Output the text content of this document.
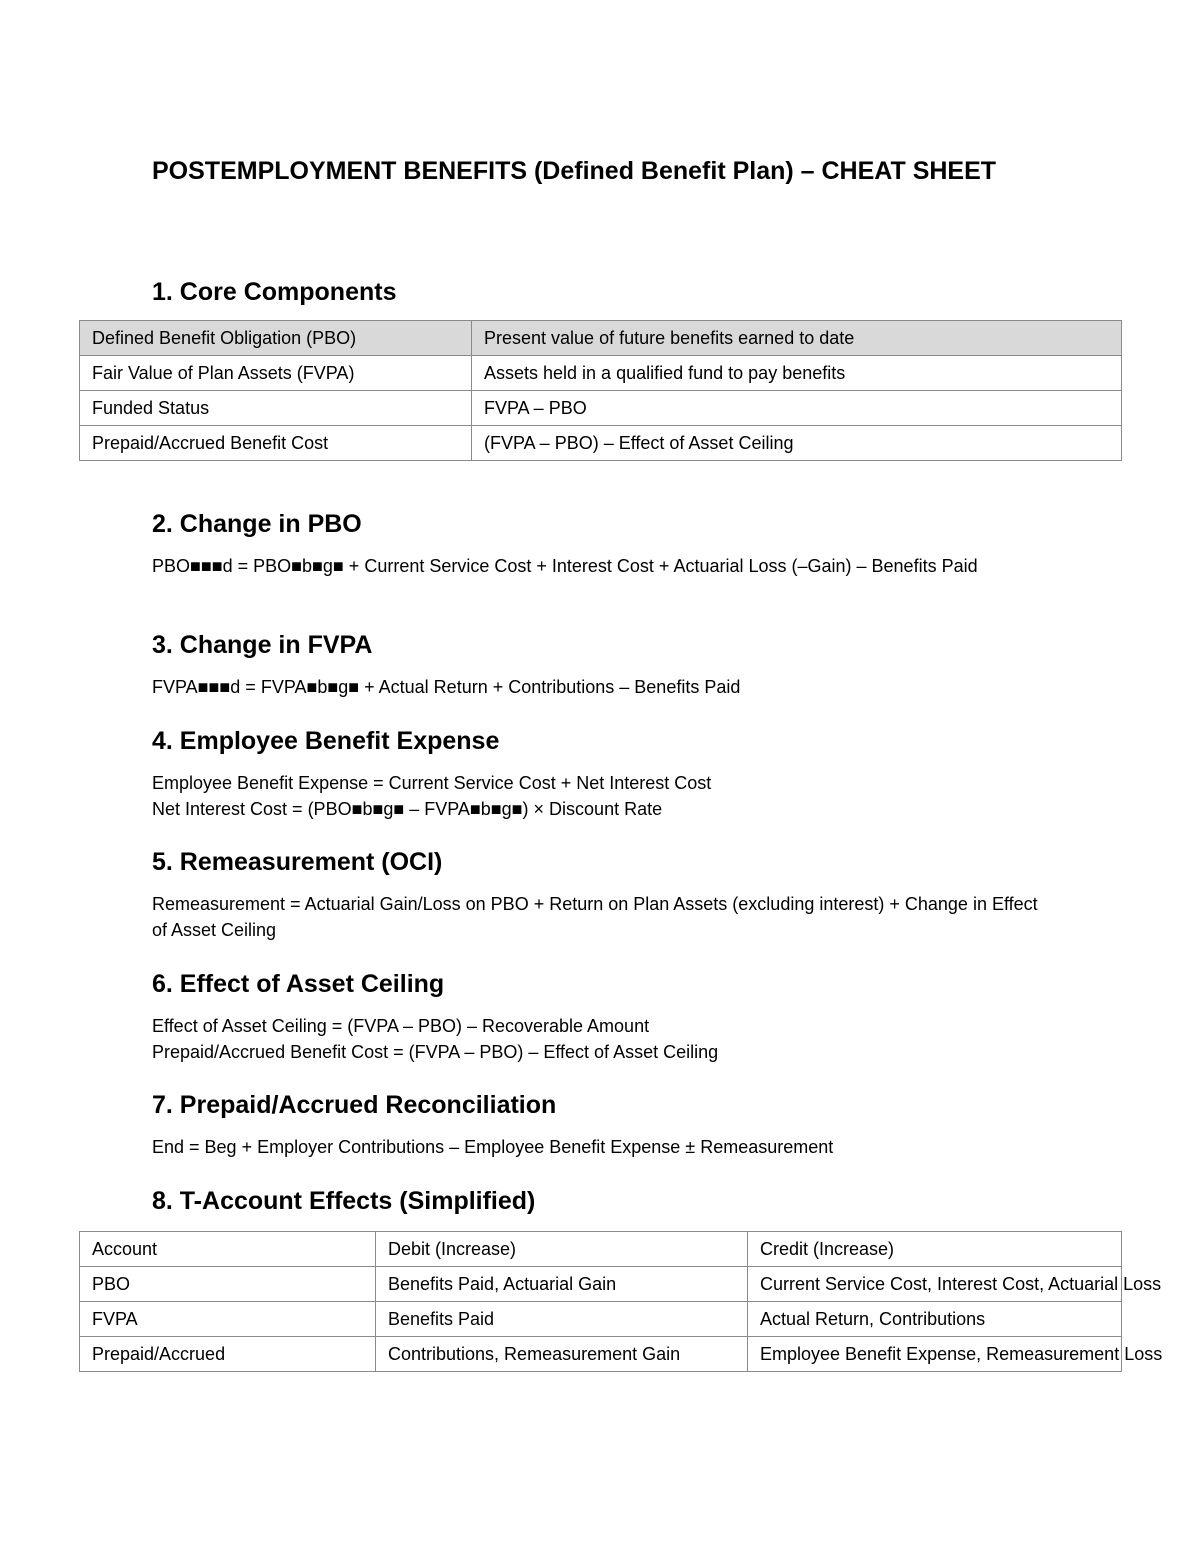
POSTEMPLOYMENT BENEFITS (Defined Benefit Plan) – CHEAT SHEET
1. Core Components
Defined Benefit Obligation (PBO)	Present value of future benefits earned to date
Fair Value of Plan Assets (FVPA)	Assets held in a qualified fund to pay benefits
Funded Status	FVPA – PBO
Prepaid/Accrued Benefit Cost	(FVPA – PBO) – Effect of Asset Ceiling
2. Change in PBO

PBO■■■d = PBO■b■g■ + Current Service Cost + Interest Cost + Actuarial Loss (–Gain) – Benefits Paid

3. Change in FVPA

FVPA■■■d = FVPA■b■g■ + Actual Return + Contributions – Benefits Paid

4. Employee Benefit Expense

Employee Benefit Expense = Current Service Cost + Net Interest Cost
Net Interest Cost = (PBO■b■g■ – FVPA■b■g■) × Discount Rate

5. Remeasurement (OCI)

Remeasurement = Actuarial Gain/Loss on PBO + Return on Plan Assets (excluding interest) + Change in Effect of Asset Ceiling

6. Effect of Asset Ceiling

Effect of Asset Ceiling = (FVPA – PBO) – Recoverable Amount
Prepaid/Accrued Benefit Cost = (FVPA – PBO) – Effect of Asset Ceiling

7. Prepaid/Accrued Reconciliation

End = Beg + Employer Contributions – Employee Benefit Expense ± Remeasurement

8. T-Account Effects (Simplified)
Account	Debit (Increase)	Credit (Increase)
PBO	Benefits Paid, Actuarial Gain	Current Service Cost, Interest Cost, Actuarial Loss
FVPA	Benefits Paid	Actual Return, Contributions
Prepaid/Accrued	Contributions, Remeasurement Gain	Employee Benefit Expense, Remeasurement Loss
